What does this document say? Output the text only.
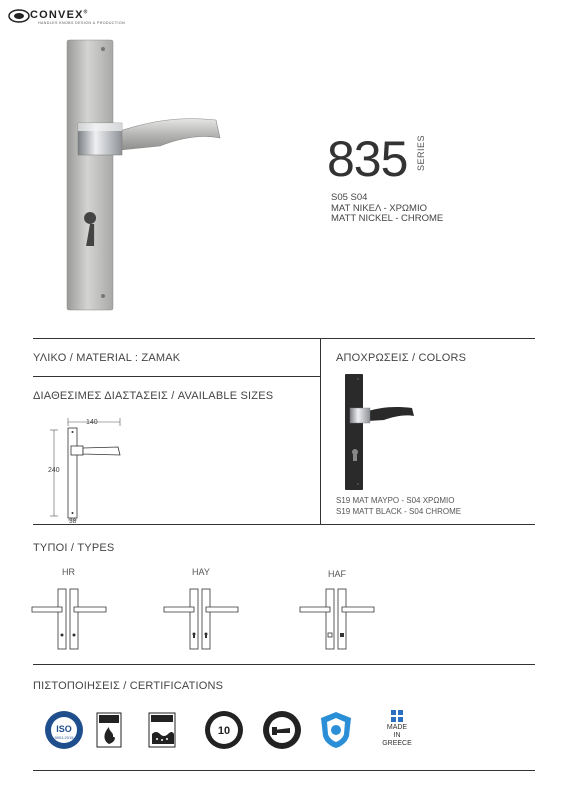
CONVEX®
HANDLES KNOBS DESIGN & PRODUCTION
835 SERIES
S05 S04
ΜΑΤ ΝΙΚΕΛ - ΧΡΩΜΙΟ
MATT NICKEL - CHROME
ΥΛΙΚΟ / MATERIAL : ZAMAK	ΑΠΟΧΡΩΣΕΙΣ / COLORS
S19 ΜΑΤ ΜΑΥΡΟ - S04 ΧΡΩΜΙΟ
S19 MATT BLACK - S04 CHROME
ΔΙΑΘΕΣΙΜΕΣ ΔΙΑΣΤΑΣΕΙΣ / AVAILABLE SIZES
140
240
38
ΤΥΠΟΙ / TYPES
HR	HAY	HAF
ΠΙΣΤΟΠΟΙΗΣΕΙΣ / CERTIFICATIONS
ISO
9001:2015
10	MADE
IN
GREECE
